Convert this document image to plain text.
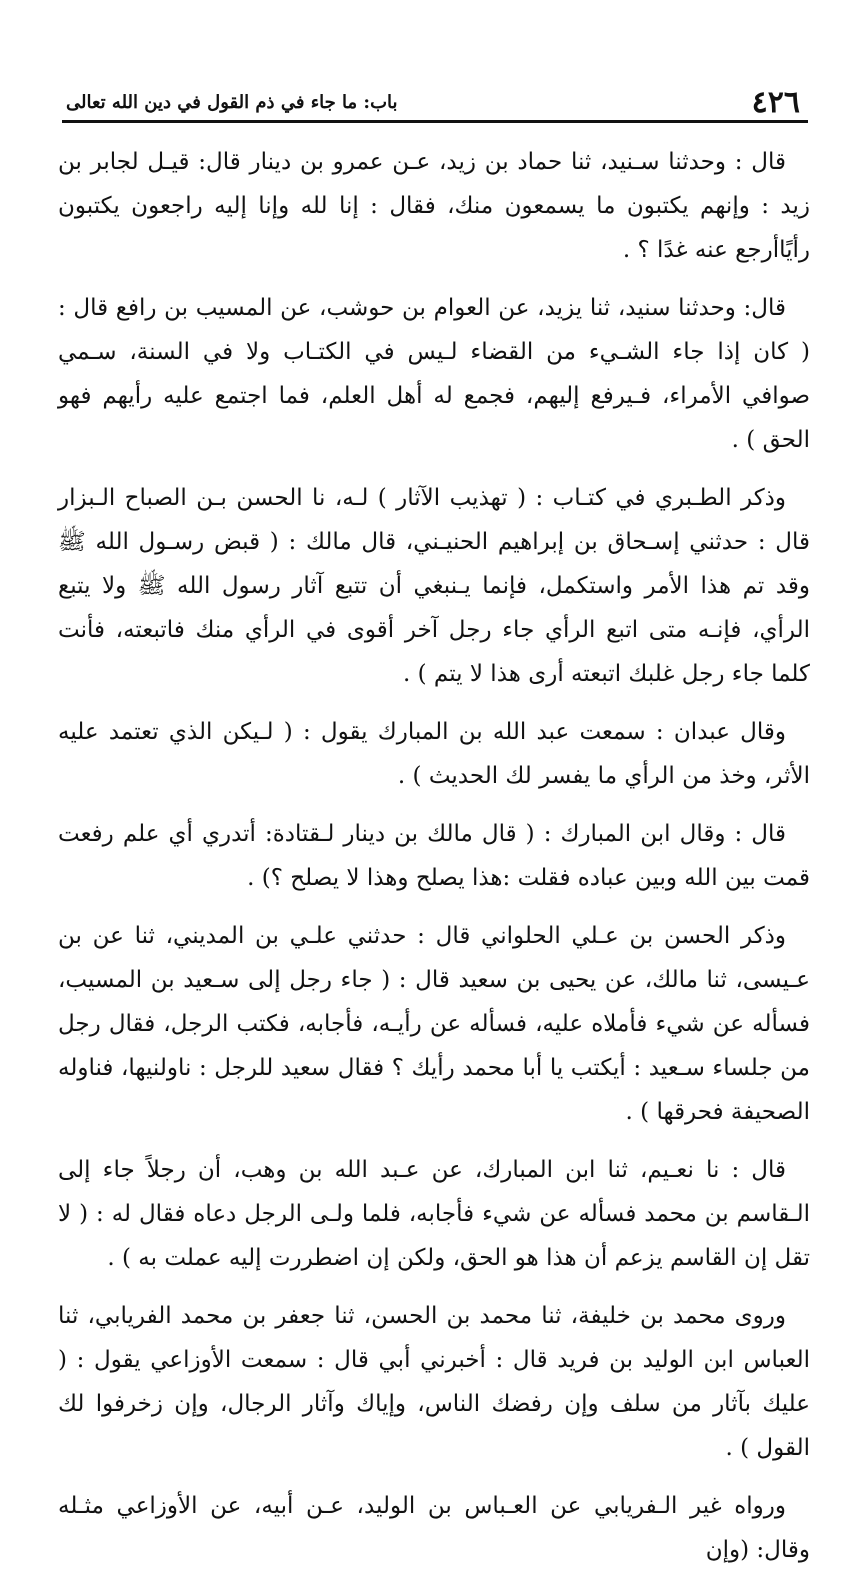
٤٢٦
باب: ما جاء في ذم القول في دين الله تعالى

قال : وحدثنا سـنيد، ثنا حماد بن زيد، عـن عمرو بن دينار قال: قيـل لجابر بن زيد : وإنهم يكتبون ما يسمعون منك، فقال : إنا لله وإنا إليه راجعون يكتبون رأيًاأرجع عنه غدًا ؟ .

قال: وحدثنا سنيد، ثنا يزيد، عن العوام بن حوشب، عن المسيب بن رافع قال : ( كان إذا جاء الشـيء من القضاء لـيس في الكتـاب ولا في السنة، سـمي صوافي الأمراء، فـيرفع إليهم، فجمع له أهل العلم، فما اجتمع عليه رأيهم فهو الحق ) .

وذكر الطـبري في كتـاب : ( تهذيب الآثار ) لـه، نا الحسن بـن الصباح الـبزار قال : حدثني إسـحاق بن إبراهيم الحنيـني، قال مالك : ( قبض رسـول الله ﷺ وقد تم هذا الأمر واستكمل، فإنما يـنبغي أن تتبع آثار رسول الله ﷺ ولا يتبع الرأي، فإنـه متى اتبع الرأي جاء رجل آخر أقوى في الرأي منك فاتبعته، فأنت كلما جاء رجل غلبك اتبعته أرى هذا لا يتم ) .

وقال عبدان : سمعت عبد الله بن المبارك يقول : ( لـيكن الذي تعتمد عليه الأثر، وخذ من الرأي ما يفسر لك الحديث ) .

قال : وقال ابن المبارك : ( قال مالك بن دينار لـقتادة: أتدري أي علم رفعت قمت بين الله وبين عباده فقلت :هذا يصلح وهذا لا يصلح ؟) .

وذكر الحسن بن عـلي الحلواني قال : حدثني علـي بن المديني، ثنا عن بن عـيسى، ثنا مالك، عن يحيى بن سعيد قال : ( جاء رجل إلى سـعيد بن المسيب، فسأله عن شيء فأملاه عليه، فسأله عن رأيـه، فأجابه، فكتب الرجل، فقال رجل من جلساء سـعيد : أيكتب يا أبا محمد رأيك ؟ فقال سعيد للرجل : ناولنيها، فناوله الصحيفة فحرقها ) .

قال : نا نعـيم، ثنا ابن المبارك، عن عـبد الله بن وهب، أن رجلاً جاء إلى الـقاسم بن محمد فسأله عن شيء فأجابه، فلما ولـى الرجل دعاه فقال له : ( لا تقل إن القاسم يزعم أن هذا هو الحق، ولكن إن اضطررت إليه عملت به ) .

وروى محمد بن خليفة، ثنا محمد بن الحسن، ثنا جعفر بن محمد الفريابي، ثنا العباس ابن الوليد بن فريد قال : أخبرني أبي قال : سمعت الأوزاعي يقول : ( عليك بآثار من سلف وإن رفضك الناس، وإياك وآثار الرجال، وإن زخرفوا لك القول ) .

ورواه غير الـفريابي عن العـباس بن الوليد، عـن أبيه، عن الأوزاعي مثـله وقال: (وإن
